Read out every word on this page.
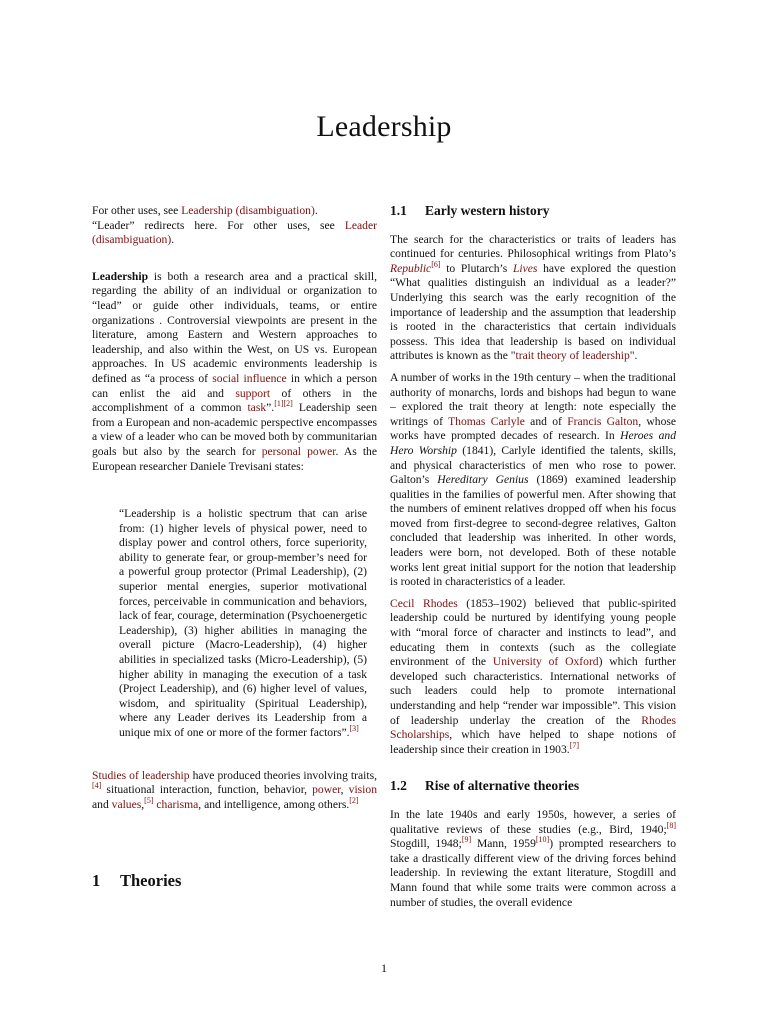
Leadership

For other uses, see Leadership (disambiguation).

“Leader” redirects here. For other uses, see Leader (disambiguation).

Leadership is both a research area and a practical skill, regarding the ability of an individual or organization to “lead” or guide other individuals, teams, or entire organizations . Controversial viewpoints are present in the literature, among Eastern and Western approaches to leadership, and also within the West, on US vs. European approaches. In US academic environments leadership is defined as “a process of social influence in which a person can enlist the aid and support of others in the accomplishment of a common task”.[1][2] Leadership seen from a European and non-academic perspective encompasses a view of a leader who can be moved both by communitarian goals but also by the search for personal power. As the European researcher Daniele Trevisani states:

“Leadership is a holistic spectrum that can arise from: (1) higher levels of physical power, need to display power and control others, force superiority, ability to generate fear, or group-member’s need for a powerful group protector (Primal Leadership), (2) superior mental energies, superior motivational forces, perceivable in communication and behaviors, lack of fear, courage, determination (Psychoenergetic Leadership), (3) higher abilities in managing the overall picture (Macro-Leadership), (4) higher abilities in specialized tasks (Micro-Leadership), (5) higher ability in managing the execution of a task (Project Leadership), and (6) higher level of values, wisdom, and spirituality (Spiritual Leadership), where any Leader derives its Leadership from a unique mix of one or more of the former factors”.[3]

Studies of leadership have produced theories involving traits,[4] situational interaction, function, behavior, power, vision and values,[5] charisma, and intelligence, among others.[2]

1 Theories
1.1 Early western history

The search for the characteristics or traits of leaders has continued for centuries. Philosophical writings from Plato’s Republic[6] to Plutarch’s Lives have explored the question “What qualities distinguish an individual as a leader?” Underlying this search was the early recognition of the importance of leadership and the assumption that leadership is rooted in the characteristics that certain individuals possess. This idea that leadership is based on individual attributes is known as the "trait theory of leadership".

A number of works in the 19th century – when the traditional authority of monarchs, lords and bishops had begun to wane – explored the trait theory at length: note especially the writings of Thomas Carlyle and of Francis Galton, whose works have prompted decades of research. In Heroes and Hero Worship (1841), Carlyle identified the talents, skills, and physical characteristics of men who rose to power. Galton’s Hereditary Genius (1869) examined leadership qualities in the families of powerful men. After showing that the numbers of eminent relatives dropped off when his focus moved from first-degree to second-degree relatives, Galton concluded that leadership was inherited. In other words, leaders were born, not developed. Both of these notable works lent great initial support for the notion that leadership is rooted in characteristics of a leader.

Cecil Rhodes (1853–1902) believed that public-spirited leadership could be nurtured by identifying young people with “moral force of character and instincts to lead”, and educating them in contexts (such as the collegiate environment of the University of Oxford) which further developed such characteristics. International networks of such leaders could help to promote international understanding and help “render war impossible”. This vision of leadership underlay the creation of the Rhodes Scholarships, which have helped to shape notions of leadership since their creation in 1903.[7]

1.2 Rise of alternative theories

In the late 1940s and early 1950s, however, a series of qualitative reviews of these studies (e.g., Bird, 1940;[8] Stogdill, 1948;[9] Mann, 1959[10]) prompted researchers to take a drastically different view of the driving forces behind leadership. In reviewing the extant literature, Stogdill and Mann found that while some traits were common across a number of studies, the overall evidence

1
